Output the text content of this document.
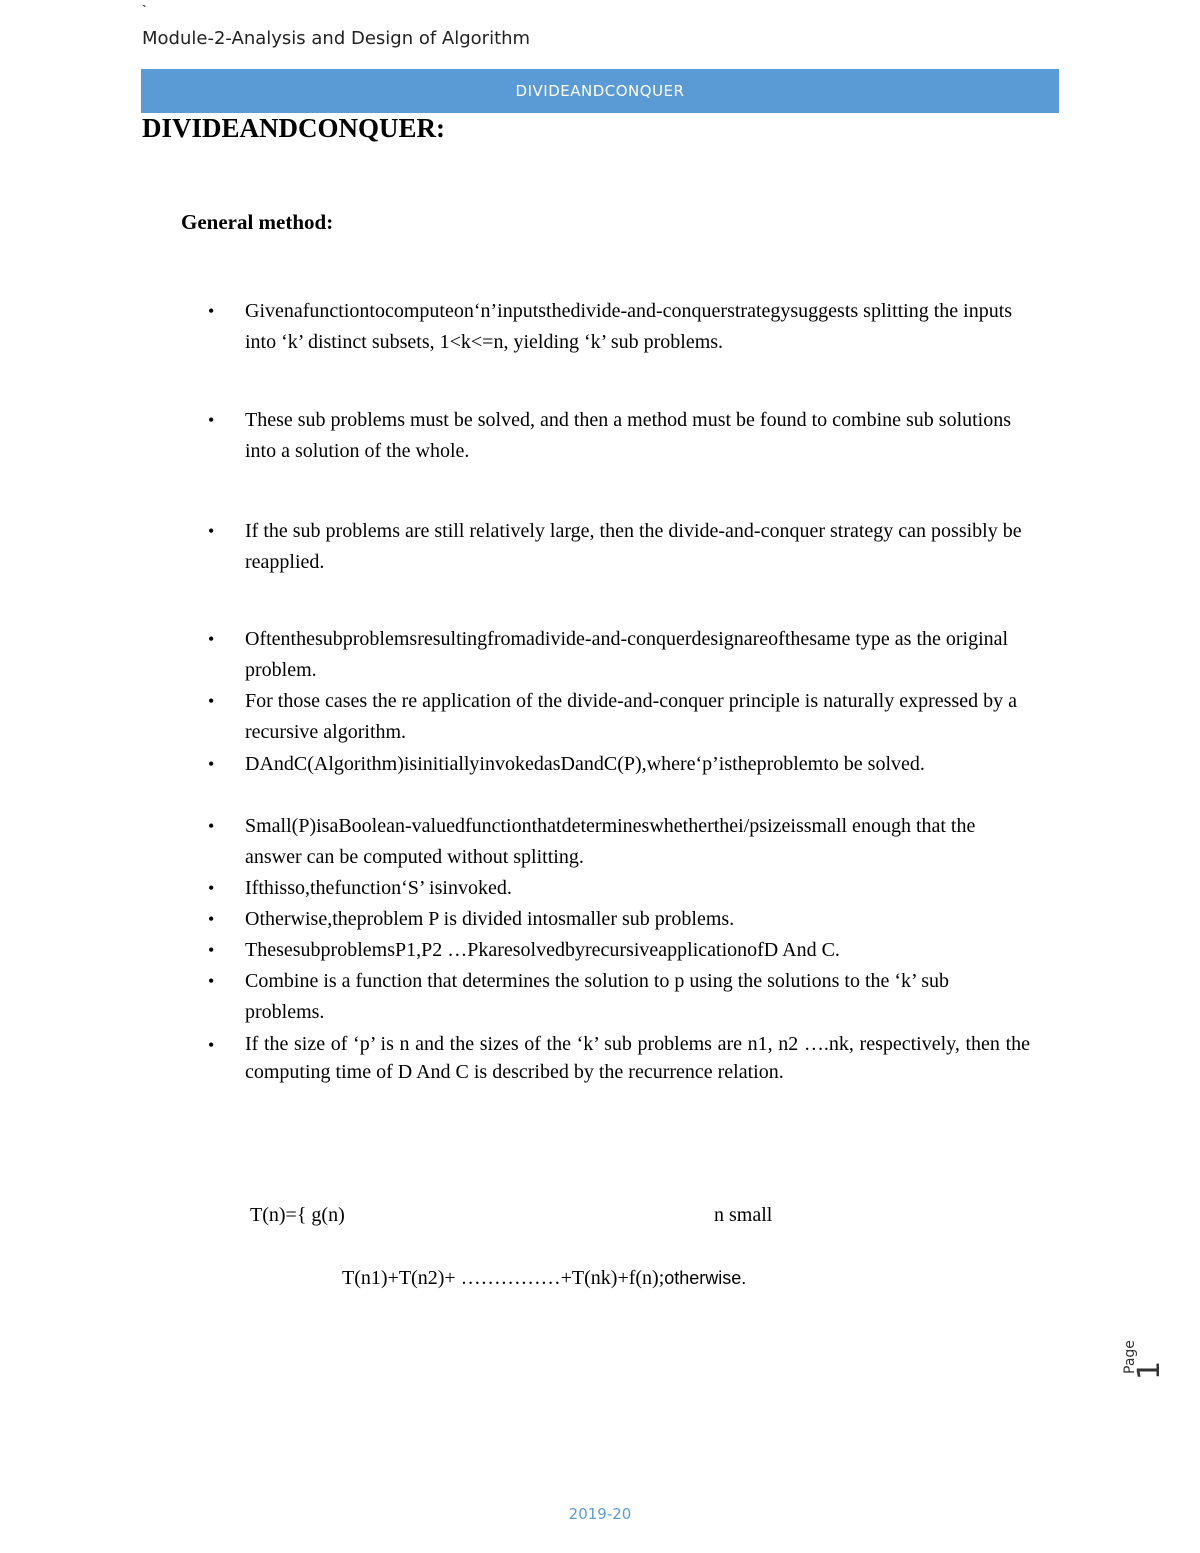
`
Module-2-Analysis and Design of Algorithm
DIVIDEANDCONQUER
DIVIDEANDCONQUER:
General method:
• Givenafunctiontocomputeon‘n’inputsthedivide-and-conquerstrategysuggests splitting the inputs into ‘k’ distinct subsets, 1<k<=n, yielding ‘k’ sub problems.
• These sub problems must be solved, and then a method must be found to combine sub solutions into a solution of the whole.
• If the sub problems are still relatively large, then the divide-and-conquer strategy can possibly be reapplied.
• Oftenthesubproblemsresultingfromadivide-and-conquerdesignareofthesame type as the original problem.
• For those cases the re application of the divide-and-conquer principle is naturally expressed by a recursive algorithm.
• DAndC(Algorithm)isinitiallyinvokedasDandC(P),where‘p’istheproblemto be solved.
• Small(P)isaBoolean-valuedfunctionthatdetermineswhetherthei/psizeissmall enough that the answer can be computed without splitting.
• Ifthisso,thefunction‘S’ isinvoked.
• Otherwise,theproblem P is divided intosmaller sub problems.
• ThesesubproblemsP1,P2 …PkaresolvedbyrecursiveapplicationofD And C.
• Combine is a function that determines the solution to p using the solutions to the ‘k’ sub problems.
• If the size of ‘p’ is n and the sizes of the ‘k’ sub problems are n1, n2 ….nk, respectively, then the computing time of D And C is described by the recurrence relation.
T(n)={ g(n)	n small
T(n1)+T(n2)+ ……………+T(nk)+f(n);otherwise.
Page
1
2019-20
